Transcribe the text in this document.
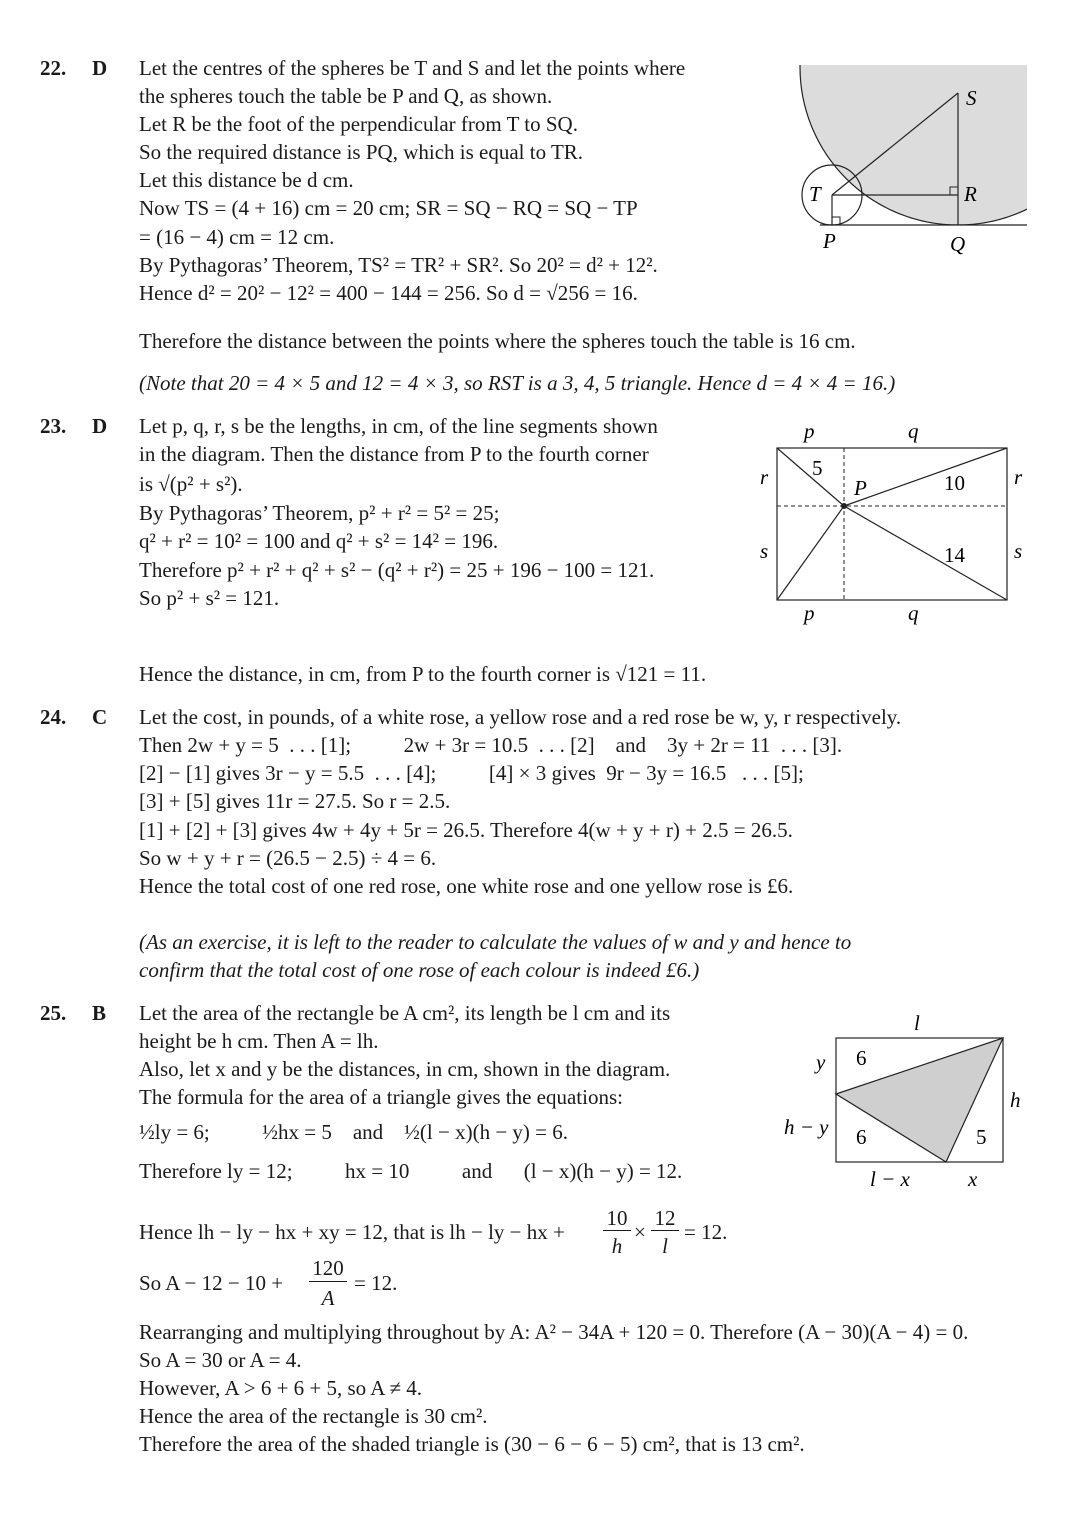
22. D Let the centres of the spheres be T and S and let the points where
the spheres touch the table be P and Q, as shown.
Let R be the foot of the perpendicular from T to SQ.
So the required distance is PQ, which is equal to TR.
Let this distance be d cm.
Now TS = (4 + 16) cm = 20 cm; SR = SQ − RQ = SQ − TP
= (16 − 4) cm = 12 cm.
By Pythagoras’ Theorem, TS² = TR² + SR². So 20² = d² + 12².
Hence d² = 20² − 12² = 400 − 144 = 256. So d = √256 = 16.
Therefore the distance between the points where the spheres touch the table is 16 cm.
(Note that 20 = 4 × 5 and 12 = 4 × 3, so RST is a 3, 4, 5 triangle. Hence d = 4 × 4 = 16.)
S
T	R
P	Q
23. D Let p, q, r, s be the lengths, in cm, of the line segments shown
in the diagram. Then the distance from P to the fourth corner
is √(p² + s²).
By Pythagoras’ Theorem, p² + r² = 5² = 25;
q² + r² = 10² = 100 and q² + s² = 14² = 196.
Therefore p² + r² + q² + s² − (q² + r²) = 25 + 196 − 100 = 121.
So p² + s² = 121.
Hence the distance, in cm, from P to the fourth corner is √121 = 11.
p	q
p	q
r	r
s	s
P
5
10
14
24. C Let the cost, in pounds, of a white rose, a yellow rose and a red rose be w, y, r respectively.
Then 2w + y = 5  . . . [1];          2w + 3r = 10.5  . . . [2]    and    3y + 2r = 11  . . . [3].
[2] − [1] gives 3r − y = 5.5  . . . [4];          [4] × 3 gives  9r − 3y = 16.5   . . . [5];
[3] + [5] gives 11r = 27.5. So r = 2.5.
[1] + [2] + [3] gives 4w + 4y + 5r = 26.5. Therefore 4(w + y + r) + 2.5 = 26.5.
So w + y + r = (26.5 − 2.5) ÷ 4 = 6.
Hence the total cost of one red rose, one white rose and one yellow rose is £6.
(As an exercise, it is left to the reader to calculate the values of w and y and hence to
confirm that the total cost of one rose of each colour is indeed £6.)
25. B Let the area of the rectangle be A cm², its length be l cm and its
height be h cm. Then A = lh.
Also, let x and y be the distances, in cm, shown in the diagram.
The formula for the area of a triangle gives the equations:
½ly = 6;          ½hx = 5    and    ½(l − x)(h − y) = 6.
Therefore ly = 12;          hx = 10          and      (l − x)(h − y) = 12.
Hence lh − ly − hx + xy = 12, that is lh − ly − hx +
10
h
×
12
l
= 12.
So A − 12 − 10 +
120
A
= 12.
Rearranging and multiplying throughout by A: A² − 34A + 120 = 0. Therefore (A − 30)(A − 4) = 0.
So A = 30 or A = 4.
However, A > 6 + 6 + 5, so A ≠ 4.
Hence the area of the rectangle is 30 cm².
Therefore the area of the shaded triangle is (30 − 6 − 6 − 5) cm², that is 13 cm².
l
y
h
h − y
l − x	x
6
6	5
